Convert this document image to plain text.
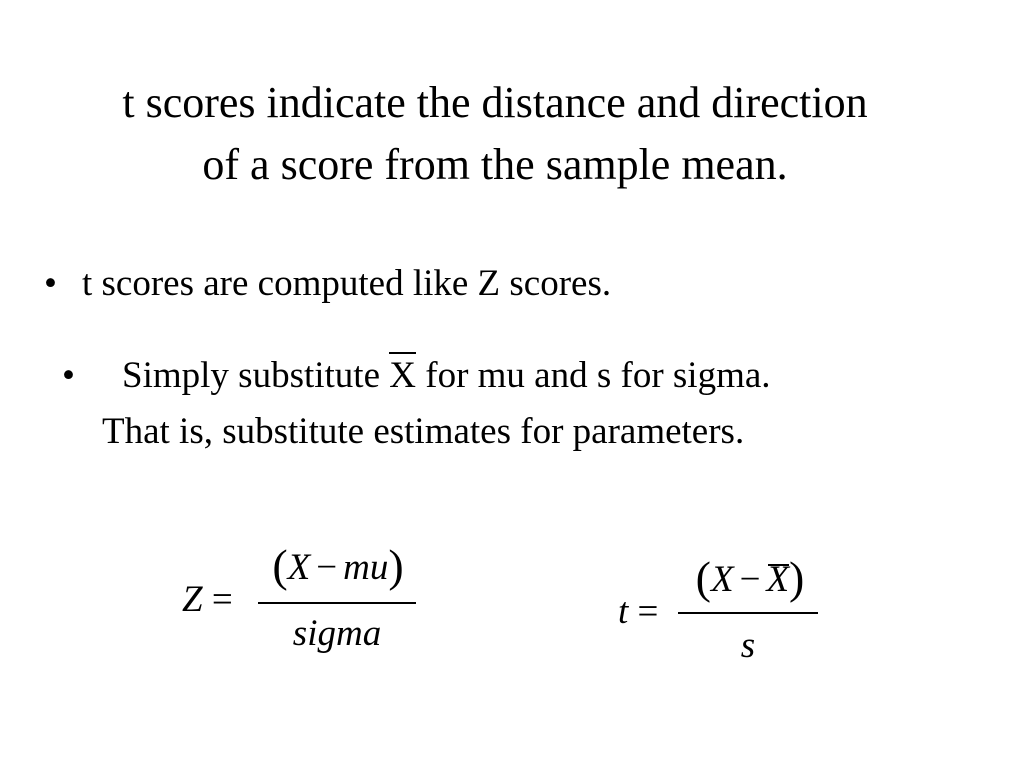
t scores indicate the distance and direction of a score from the sample mean.
• t scores are computed like Z scores.
• Simply substitute X for mu and s for sigma.
That is, substitute estimates for parameters.
Z =
(X − mu)
sigma
t =
(X − X)
s
